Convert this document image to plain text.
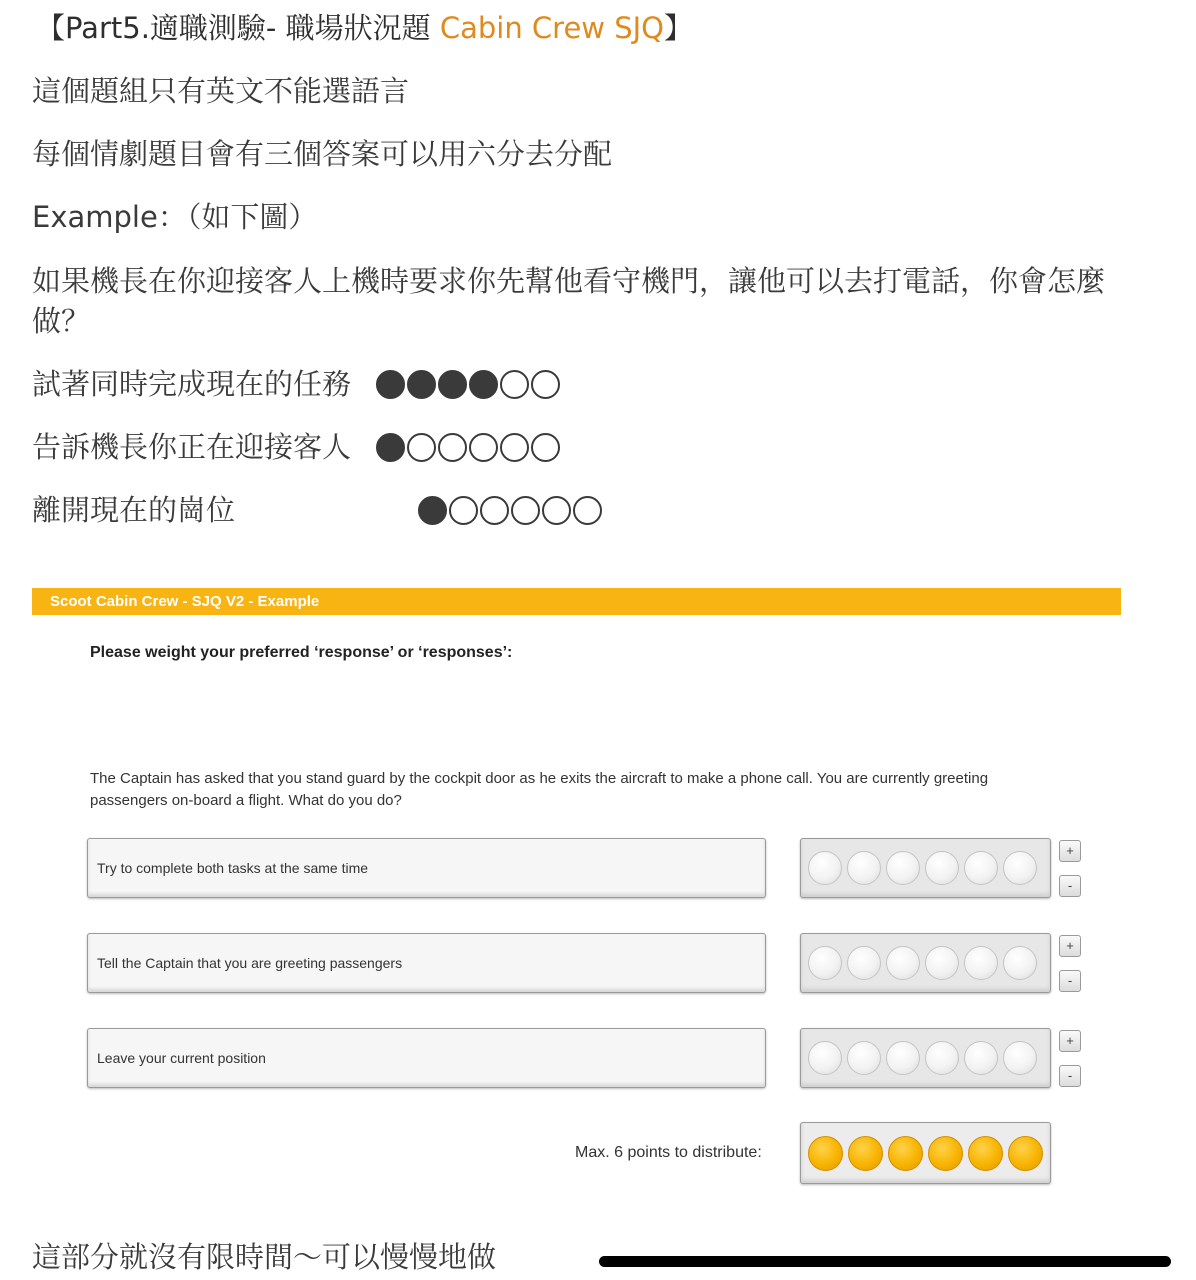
【Part5.適職測驗- 職場狀況題 Cabin Crew SJQ】
這個題組只有英文不能選語言
每個情劇題目會有三個答案可以用六分去分配
Example：（如下圖）
如果機長在你迎接客人上機時要求你先幫他看守機門，讓他可以去打電話，你會怎麼做？
試著同時完成現在的任務
告訴機長你正在迎接客人
離開現在的崗位
Scoot Cabin Crew - SJQ V2 - Example
Please weight your preferred ‘response’ or ‘responses’:
The Captain has asked that you stand guard by the cockpit door as he exits the aircraft to make a phone call. You are currently greeting passengers on-board a flight. What do you do?
Try to complete both tasks at the same time
+
-
Tell the Captain that you are greeting passengers
+
-
Leave your current position
+
-
Max. 6 points to distribute:
這部分就沒有限時間～可以慢慢地做
